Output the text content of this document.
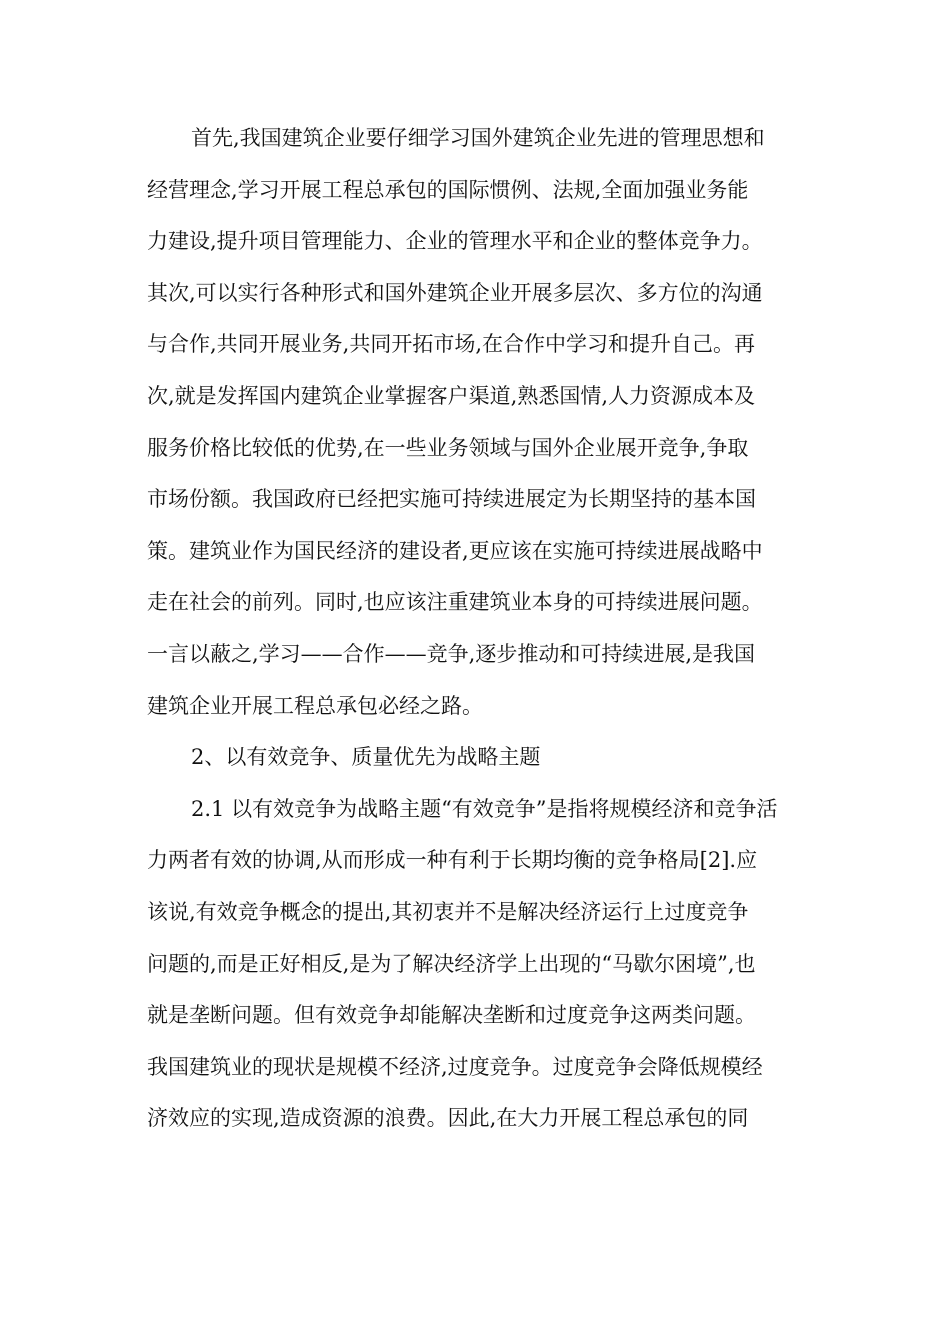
首先,我国建筑企业要仔细学习国外建筑企业先进的管理思想和
经营理念,学习开展工程总承包的国际惯例、法规,全面加强业务能
力建设,提升项目管理能力、企业的管理水平和企业的整体竞争力。
其次,可以实行各种形式和国外建筑企业开展多层次、多方位的沟通
与合作,共同开展业务,共同开拓市场,在合作中学习和提升自己。再
次,就是发挥国内建筑企业掌握客户渠道,熟悉国情,人力资源成本及
服务价格比较低的优势,在一些业务领域与国外企业展开竞争,争取
市场份额。我国政府已经把实施可持续进展定为长期坚持的基本国
策。建筑业作为国民经济的建设者,更应该在实施可持续进展战略中
走在社会的前列。同时,也应该注重建筑业本身的可持续进展问题。
一言以蔽之,学习——合作——竞争,逐步推动和可持续进展,是我国
建筑企业开展工程总承包必经之路。
2、以有效竞争、质量优先为战略主题
2.1 以有效竞争为战略主题“有效竞争”是指将规模经济和竞争活
力两者有效的协调,从而形成一种有利于长期均衡的竞争格局[2].应
该说,有效竞争概念的提出,其初衷并不是解决经济运行上过度竞争
问题的,而是正好相反,是为了解决经济学上出现的“马歇尔困境”,也
就是垄断问题。但有效竞争却能解决垄断和过度竞争这两类问题。
我国建筑业的现状是规模不经济,过度竞争。过度竞争会降低规模经
济效应的实现,造成资源的浪费。因此,在大力开展工程总承包的同
